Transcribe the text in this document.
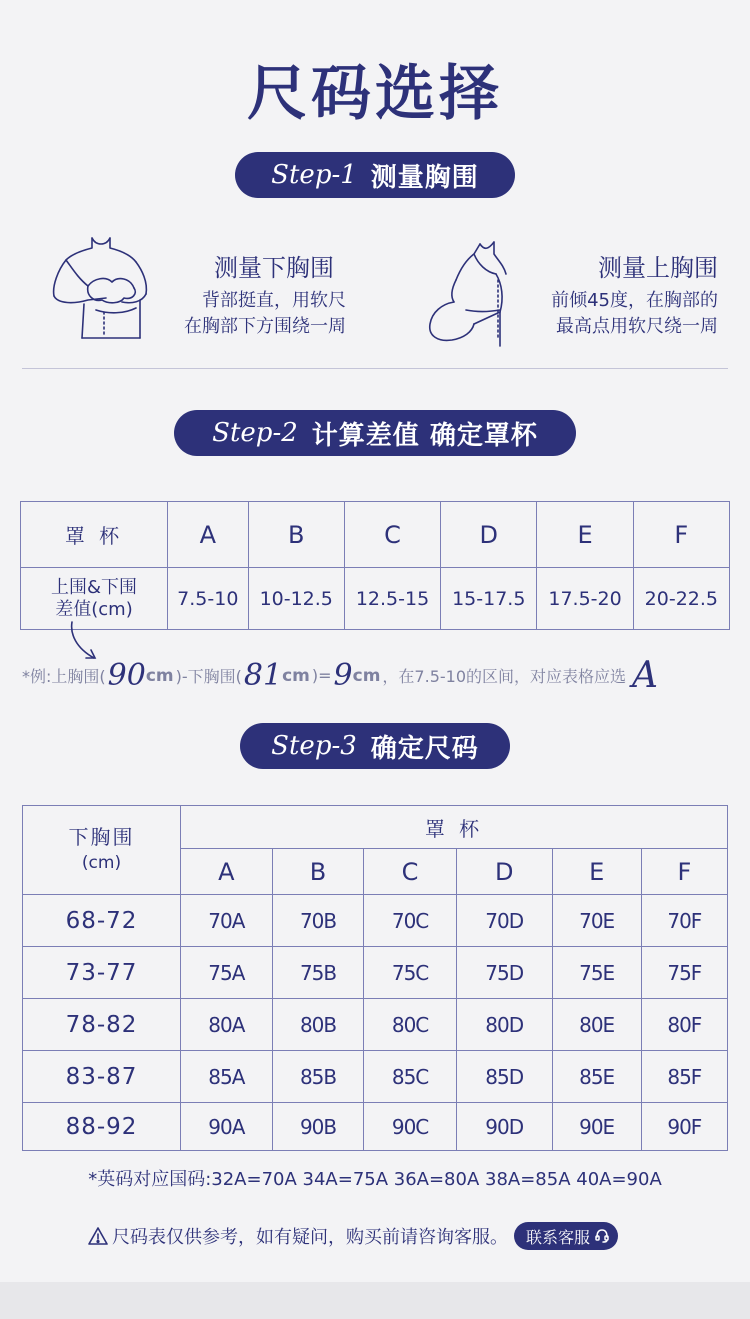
尺码选择
Step-1 测量胸围
测量下胸围
背部挺直，用软尺
在胸部下方围绕一周
测量上胸围
前倾45度，在胸部的
最高点用软尺绕一周
Step-2 计算差值 确定罩杯
罩 杯	A	B	C	D	E	F

上围&下围
差值(cm)	7.5-10	10-12.5	12.5-15	15-17.5	17.5-20	20-22.5
*例:上胸围( 90 cm )-下胸围( 81 cm )= 9 cm ，在7.5-10的区间，对应表格应选 A
Step-3 确定尺码
下胸围
(cm)	罩 杯					
	A	B	C	D	E	F
68-72	70A	70B	70C	70D	70E	70F
73-77	75A	75B	75C	75D	75E	75F
78-82	80A	80B	80C	80D	80E	80F
83-87	85A	85B	85C	85D	85E	85F
88-92	90A	90B	90C	90D	90E	90F
*英码对应国码:32A=70A 34A=75A 36A=80A 38A=85A 40A=90A
尺码表仅供参考，如有疑问，购买前请咨询客服。 联系客服
